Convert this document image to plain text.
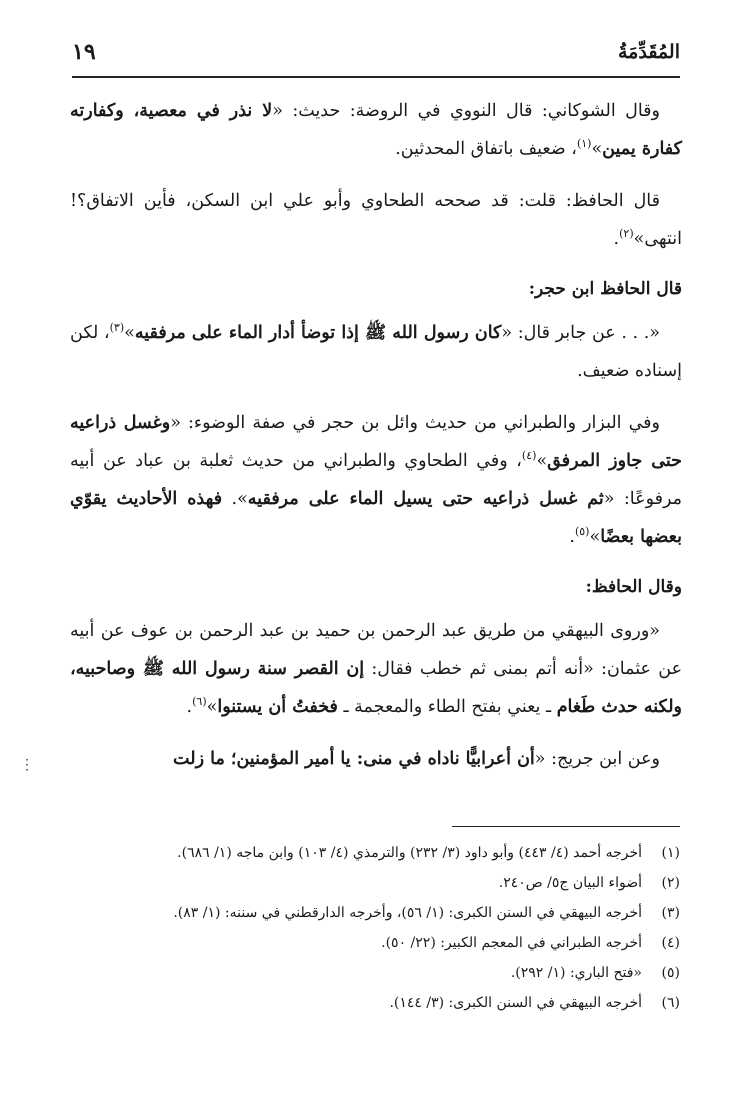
١٩	المُقَدِّمَةُ

وقال الشوكاني: قال النووي في الروضة: حديث: «لا نذر في معصية، وكفارته كفارة يمين»$^{(١)}$، ضعيف باتفاق المحدثين.

قال الحافظ: قلت: قد صححه الطحاوي وأبو علي ابن السكن، فأين الاتفاق؟! انتهى»$^{(٢)}$.

قال الحافظ ابن حجر:

«. . . عن جابر قال: «كان رسول الله ﷺ إذا توضأ أدار الماء على مرفقيه»$^{(٣)}$، لكن إسناده ضعيف.

وفي البزار والطبراني من حديث وائل بن حجر في صفة الوضوء: «وغسل ذراعيه حتى جاوز المرفق»$^{(٤)}$، وفي الطحاوي والطبراني من حديث ثعلبة بن عباد عن أبيه مرفوعًا: «ثم غسل ذراعيه حتى يسيل الماء على مرفقيه». فهذه الأحاديث يقوّي بعضها بعضًا»$^{(٥)}$.

وقال الحافظ:

«وروى البيهقي من طريق عبد الرحمن بن حميد بن عبد الرحمن بن عوف عن أبيه عن عثمان: «أنه أتم بمنى ثم خطب فقال: إن القصر سنة رسول الله ﷺ وصاحبيه، ولكنه حدث طَغام ـ يعني بفتح الطاء والمعجمة ـ فخفتُ أن يستنوا»$^{(٦)}$.

وعن ابن جريج: «أن أعرابيًّا ناداه في منى: يا أمير المؤمنين؛ ما زلت

⋮
(١)
أخرجه أحمد (٤/ ٤٤٣) وأبو داود (٣/ ٢٣٢) والترمذي (٤/ ١٠٣) وابن ماجه (١/ ٦٨٦).
(٢)
أضواء البيان ج٥/ ص٢٤٠.
(٣)
أخرجه البيهقي في السنن الكبرى: (١/ ٥٦)، وأخرجه الدارقطني في سننه: (١/ ٨٣).
(٤)
أخرجه الطبراني في المعجم الكبير: (٢٢/ ٥٠).
(٥)
«فتح الباري: (١/ ٢٩٢).
(٦)
أخرجه البيهقي في السنن الكبرى: (٣/ ١٤٤).
